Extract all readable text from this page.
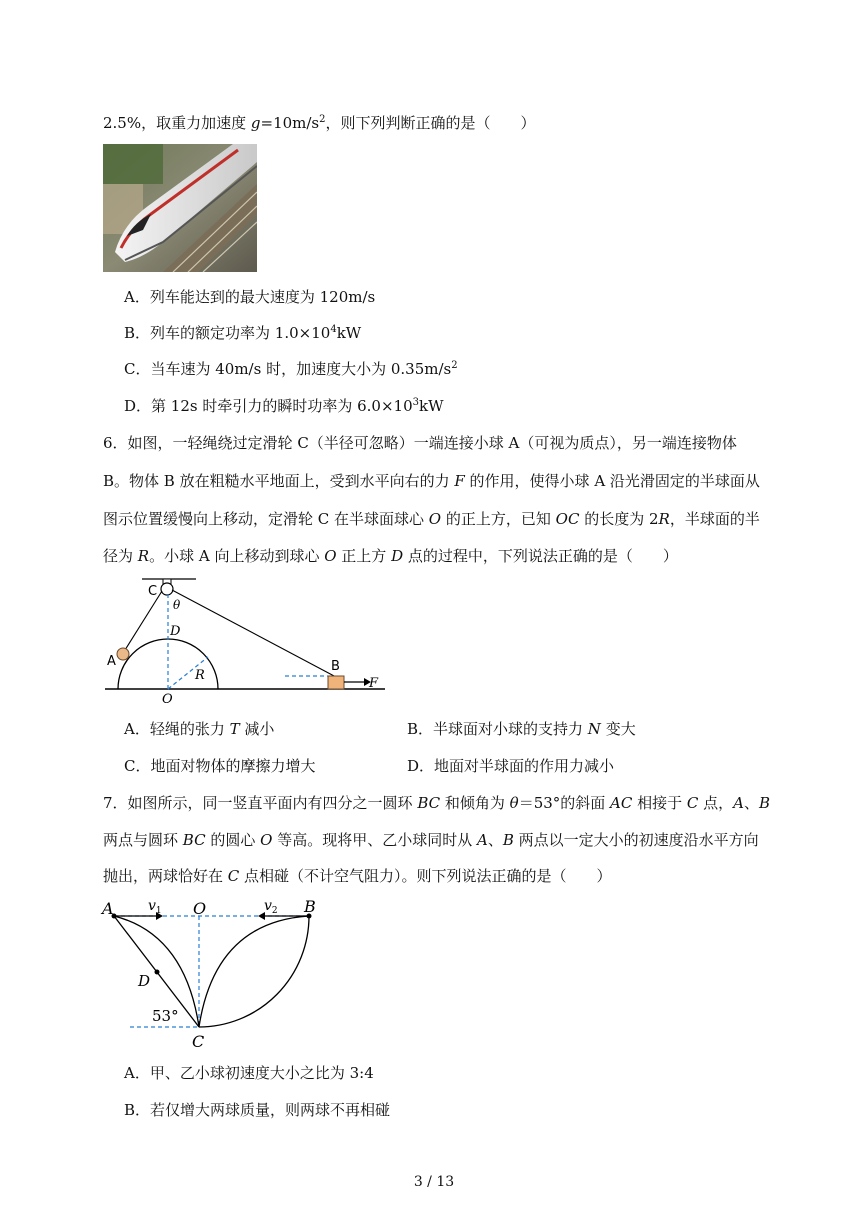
2.5%，取重力加速度 $g=10m/s^2$，则下列判断正确的是（　　）
A．列车能达到的最大速度为 120m/s
B．列车的额定功率为 $1.0\times 10^4kW$
C．当车速为 40m/s 时，加速度大小为 $0.35m/s^2$
D．第 12s 时牵引力的瞬时功率为 $6.0\times 10^3kW$
6．如图，一轻绳绕过定滑轮 C（半径可忽略）一端连接小球 A（可视为质点），另一端连接物体
B。物体 B 放在粗糙水平地面上，受到水平向右的力 F 的作用，使得小球 A 沿光滑固定的半球面从
图示位置缓慢向上移动，定滑轮 C 在半球面球心 O 的正上方，已知 OC 的长度为 2R，半球面的半
径为 R。小球 A 向上移动到球心 O 正上方 D 点的过程中，下列说法正确的是（　　）
C
θ
D
A
R
O
B
F
A．轻绳的张力 T 减小	B．半球面对小球的支持力 N 变大
C．地面对物体的摩擦力增大	D．地面对半球面的作用力减小
7．如图所示，同一竖直平面内有四分之一圆环 BC 和倾角为 θ＝53°的斜面 AC 相接于 C 点，A、B
两点与圆环 BC 的圆心 O 等高。现将甲、乙小球同时从 A、B 两点以一定大小的初速度沿水平方向
抛出，两球恰好在 C 点相碰（不计空气阻力）。则下列说法正确的是（　　）
A $v_1$ O	$v_2$ B
D
53°
C
A．甲、乙小球初速度大小之比为 3:4
B．若仅增大两球质量，则两球不再相碰
3 / 13
